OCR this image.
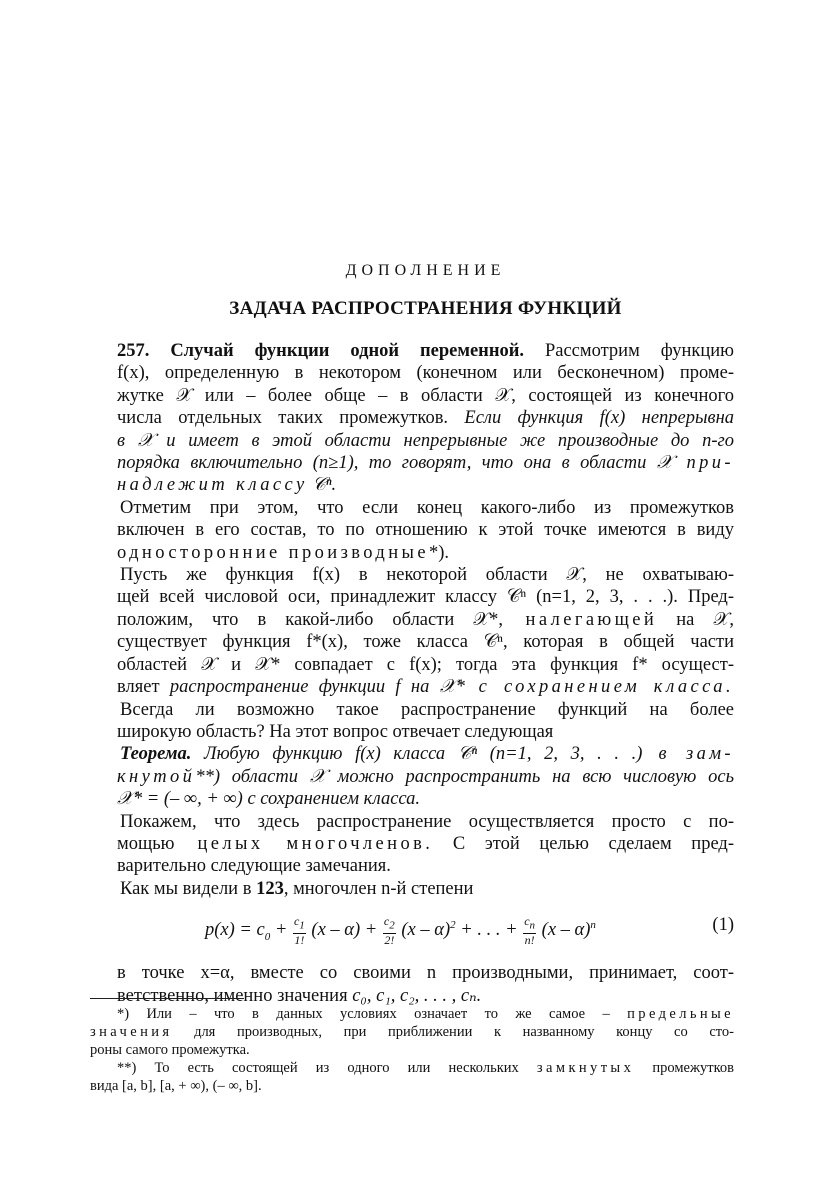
ДОПОЛНЕНИЕ
ЗАДАЧА РАСПРОСТРАНЕНИЯ ФУНКЦИЙ
257. Случай функции одной переменной. Рассмотрим функцию
f(x), определенную в некотором (конечном или бесконечном) проме-
жутке 𝒳 или – более обще – в области 𝒳, состоящей из конечного
числа отдельных таких промежутков. Если функция f(x) непрерывна
в 𝒳 и имеет в этой области непрерывные же производные до n-го
порядка включительно (n≥1), то говорят, что она в области 𝒳 при-
надлежит классу 𝒞ⁿ.
Отметим при этом, что если конец какого-либо из промежутков
включен в его состав, то по отношению к этой точке имеются в виду
односторонние производные*).
Пусть же функция f(x) в некоторой области 𝒳, не охватываю-
щей всей числовой оси, принадлежит классу 𝒞ⁿ (n=1, 2, 3, . . .). Пред-
положим, что в какой-либо области 𝒳*, налегающей на 𝒳,
существует функция f*(x), тоже класса 𝒞ⁿ, которая в общей части
областей 𝒳 и 𝒳* совпадает с f(x); тогда эта функция f* осущест-
вляет распространение функции f на 𝒳* с сохранением класса.
Всегда ли возможно такое распространение функций на более
широкую область? На этот вопрос отвечает следующая
Теорема. Любую функцию f(x) класса 𝒞ⁿ (n=1, 2, 3, . . .) в зам-
кнутой**) области 𝒳 можно распространить на всю числовую ось
𝒳* = (– ∞, + ∞) с сохранением класса.
Покажем, что здесь распространение осуществляется просто с по-
мощью целых многочленов. С этой целью сделаем пред-
варительно следующие замечания.
Как мы видели в 123, многочлен n-й степени
$p(x) = c_0 + \frac{c_1}{1!} (x - \alpha) + \frac{c_2}{2!} (x - \alpha)^2$ + . . . + $\frac{c_n}{n!} (x - \alpha)^n$	(1)
в точке x=α, вместе со своими n производными, принимает, соот-
ветственно, именно значения c₀, c₁, c₂, . . . , cₙ.
*) Или – что в данных условиях означает то же самое – предельные
значения для производных, при приближении к названному концу со сто-
роны самого промежутка.
**) То есть состоящей из одного или нескольких замкнутых промежутков
вида [a, b], [a, + ∞), (– ∞, b].
